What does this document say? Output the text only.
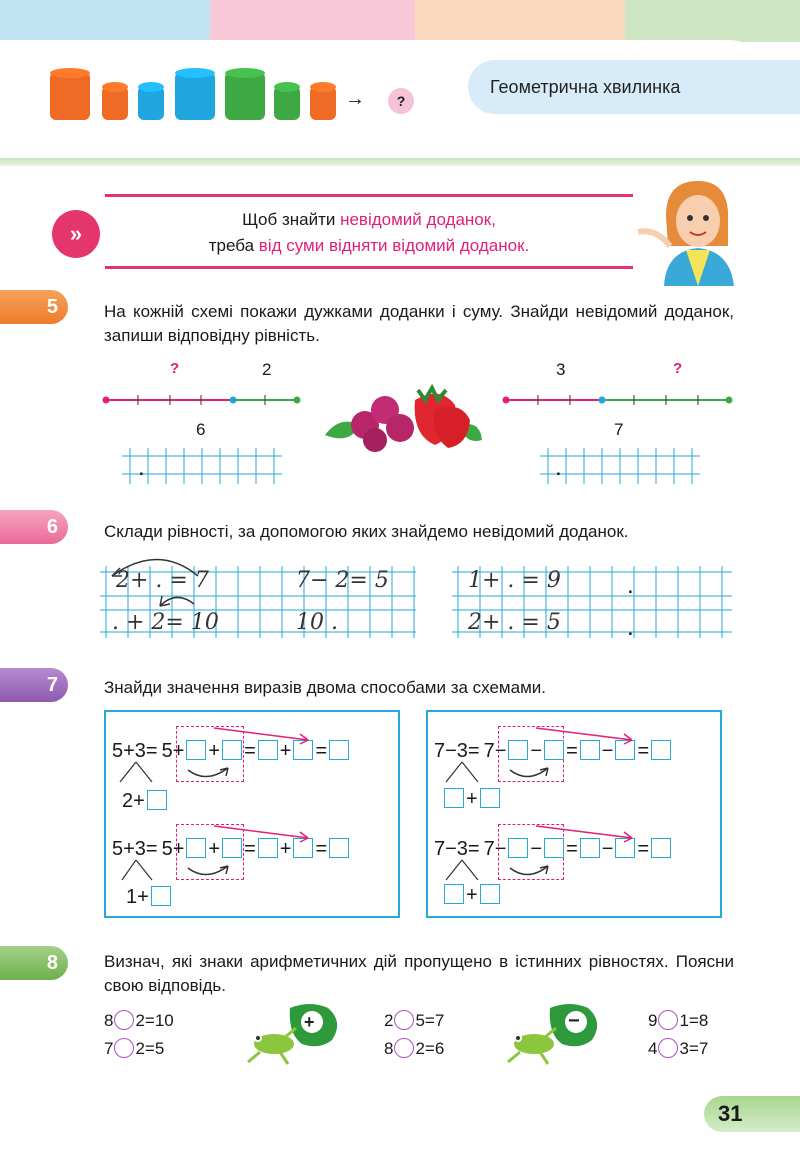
→	?
Геометрична хвилинка
»
Щоб знайти невідомий доданок,
треба від суми відняти відомий доданок.
5	На кожній схемі покажи дужками доданки і суму. Знайди невідомий доданок, запиши відповідну рівність.
?	2
6
3	?
7
.	.
6	Склади рівності, за допомогою яких знайдемо невідомий доданок.
2+ . = 7	7− 2= 5
. + 2= 10	10 .
1+ . = 9
2+ . = 5
.
.
7	Знайди значення виразів двома способами за схемами.
5+3= 5+ + = + =
2+
5+3= 5+ + = + =
1+
7−3= 7− − = − =
+
7−3= 7− − = − =
+
8	Визнач, які знаки арифметичних дій пропущено в істинних рівностях. Поясни свою відповідь.
8 2=10
7 2=5
2 5=7
8 2=6
9 1=8
4 3=7
+	−
31
